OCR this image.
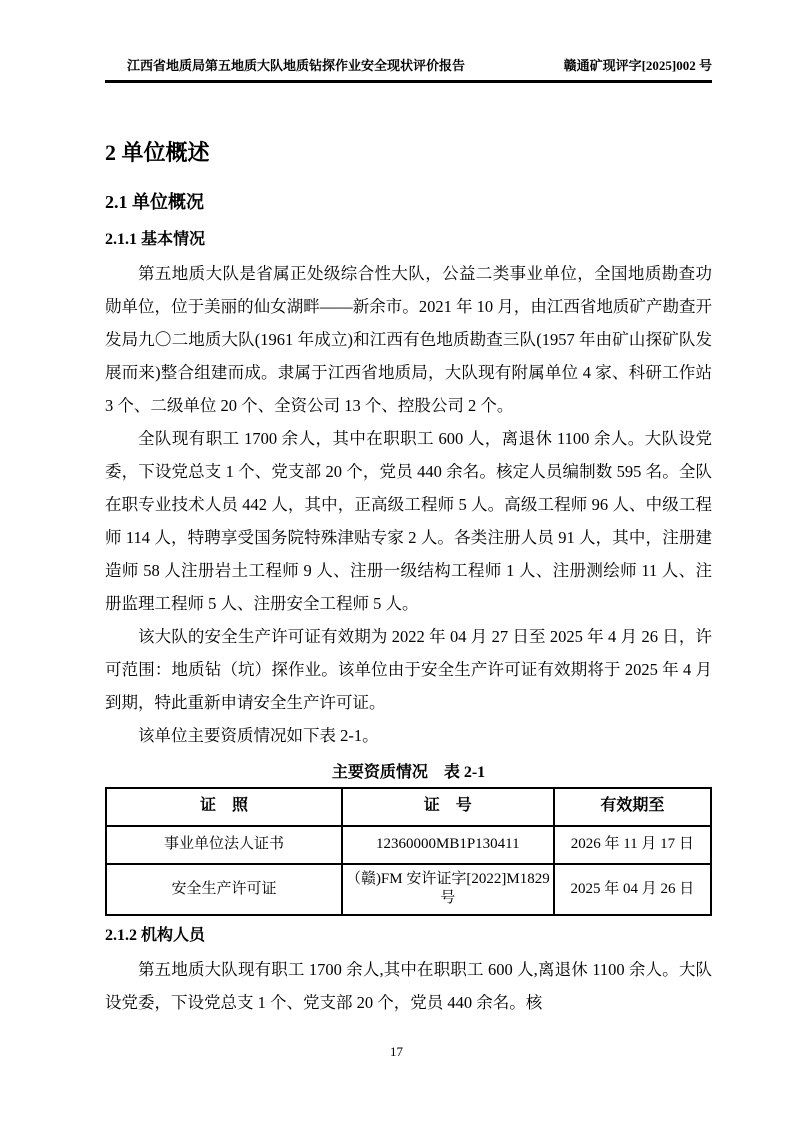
江西省地质局第五地质大队地质钻探作业安全现状评价报告	赣通矿现评字[2025]002 号
2 单位概述
2.1 单位概况
2.1.1 基本情况

第五地质大队是省属正处级综合性大队，公益二类事业单位，全国地质勘查功勋单位，位于美丽的仙女湖畔——新余市。2021 年 10 月，由江西省地质矿产勘查开发局九〇二地质大队(1961 年成立)和江西有色地质勘查三队(1957 年由矿山探矿队发展而来)整合组建而成。隶属于江西省地质局，大队现有附属单位 4 家、科研工作站 3 个、二级单位 20 个、全资公司 13 个、控股公司 2 个。

全队现有职工 1700 余人，其中在职职工 600 人，离退休 1100 余人。大队设党委，下设党总支 1 个、党支部 20 个，党员 440 余名。核定人员编制数 595 名。全队在职专业技术人员 442 人，其中，正高级工程师 5 人。高级工程师 96 人、中级工程师 114 人，特聘享受国务院特殊津贴专家 2 人。各类注册人员 91 人，其中，注册建造师 58 人注册岩土工程师 9 人、注册一级结构工程师 1 人、注册测绘师 11 人、注册监理工程师 5 人、注册安全工程师 5 人。

该大队的安全生产许可证有效期为 2022 年 04 月 27 日至 2025 年 4 月 26 日，许可范围：地质钻（坑）探作业。该单位由于安全生产许可证有效期将于 2025 年 4 月到期，特此重新申请安全生产许可证。

该单位主要资质情况如下表 2-1。

主要资质情况　表 2-1
证　照	证　号	有效期至
事业单位法人证书	12360000MB1P130411	2026 年 11 月 17 日
安全生产许可证	（赣)FM 安许证字[2022]M1829号	2025 年 04 月 26 日
2.1.2 机构人员

第五地质大队现有职工 1700 余人,其中在职职工 600 人,离退休 1100 余人。大队设党委，下设党总支 1 个、党支部 20 个，党员 440 余名。核

17
